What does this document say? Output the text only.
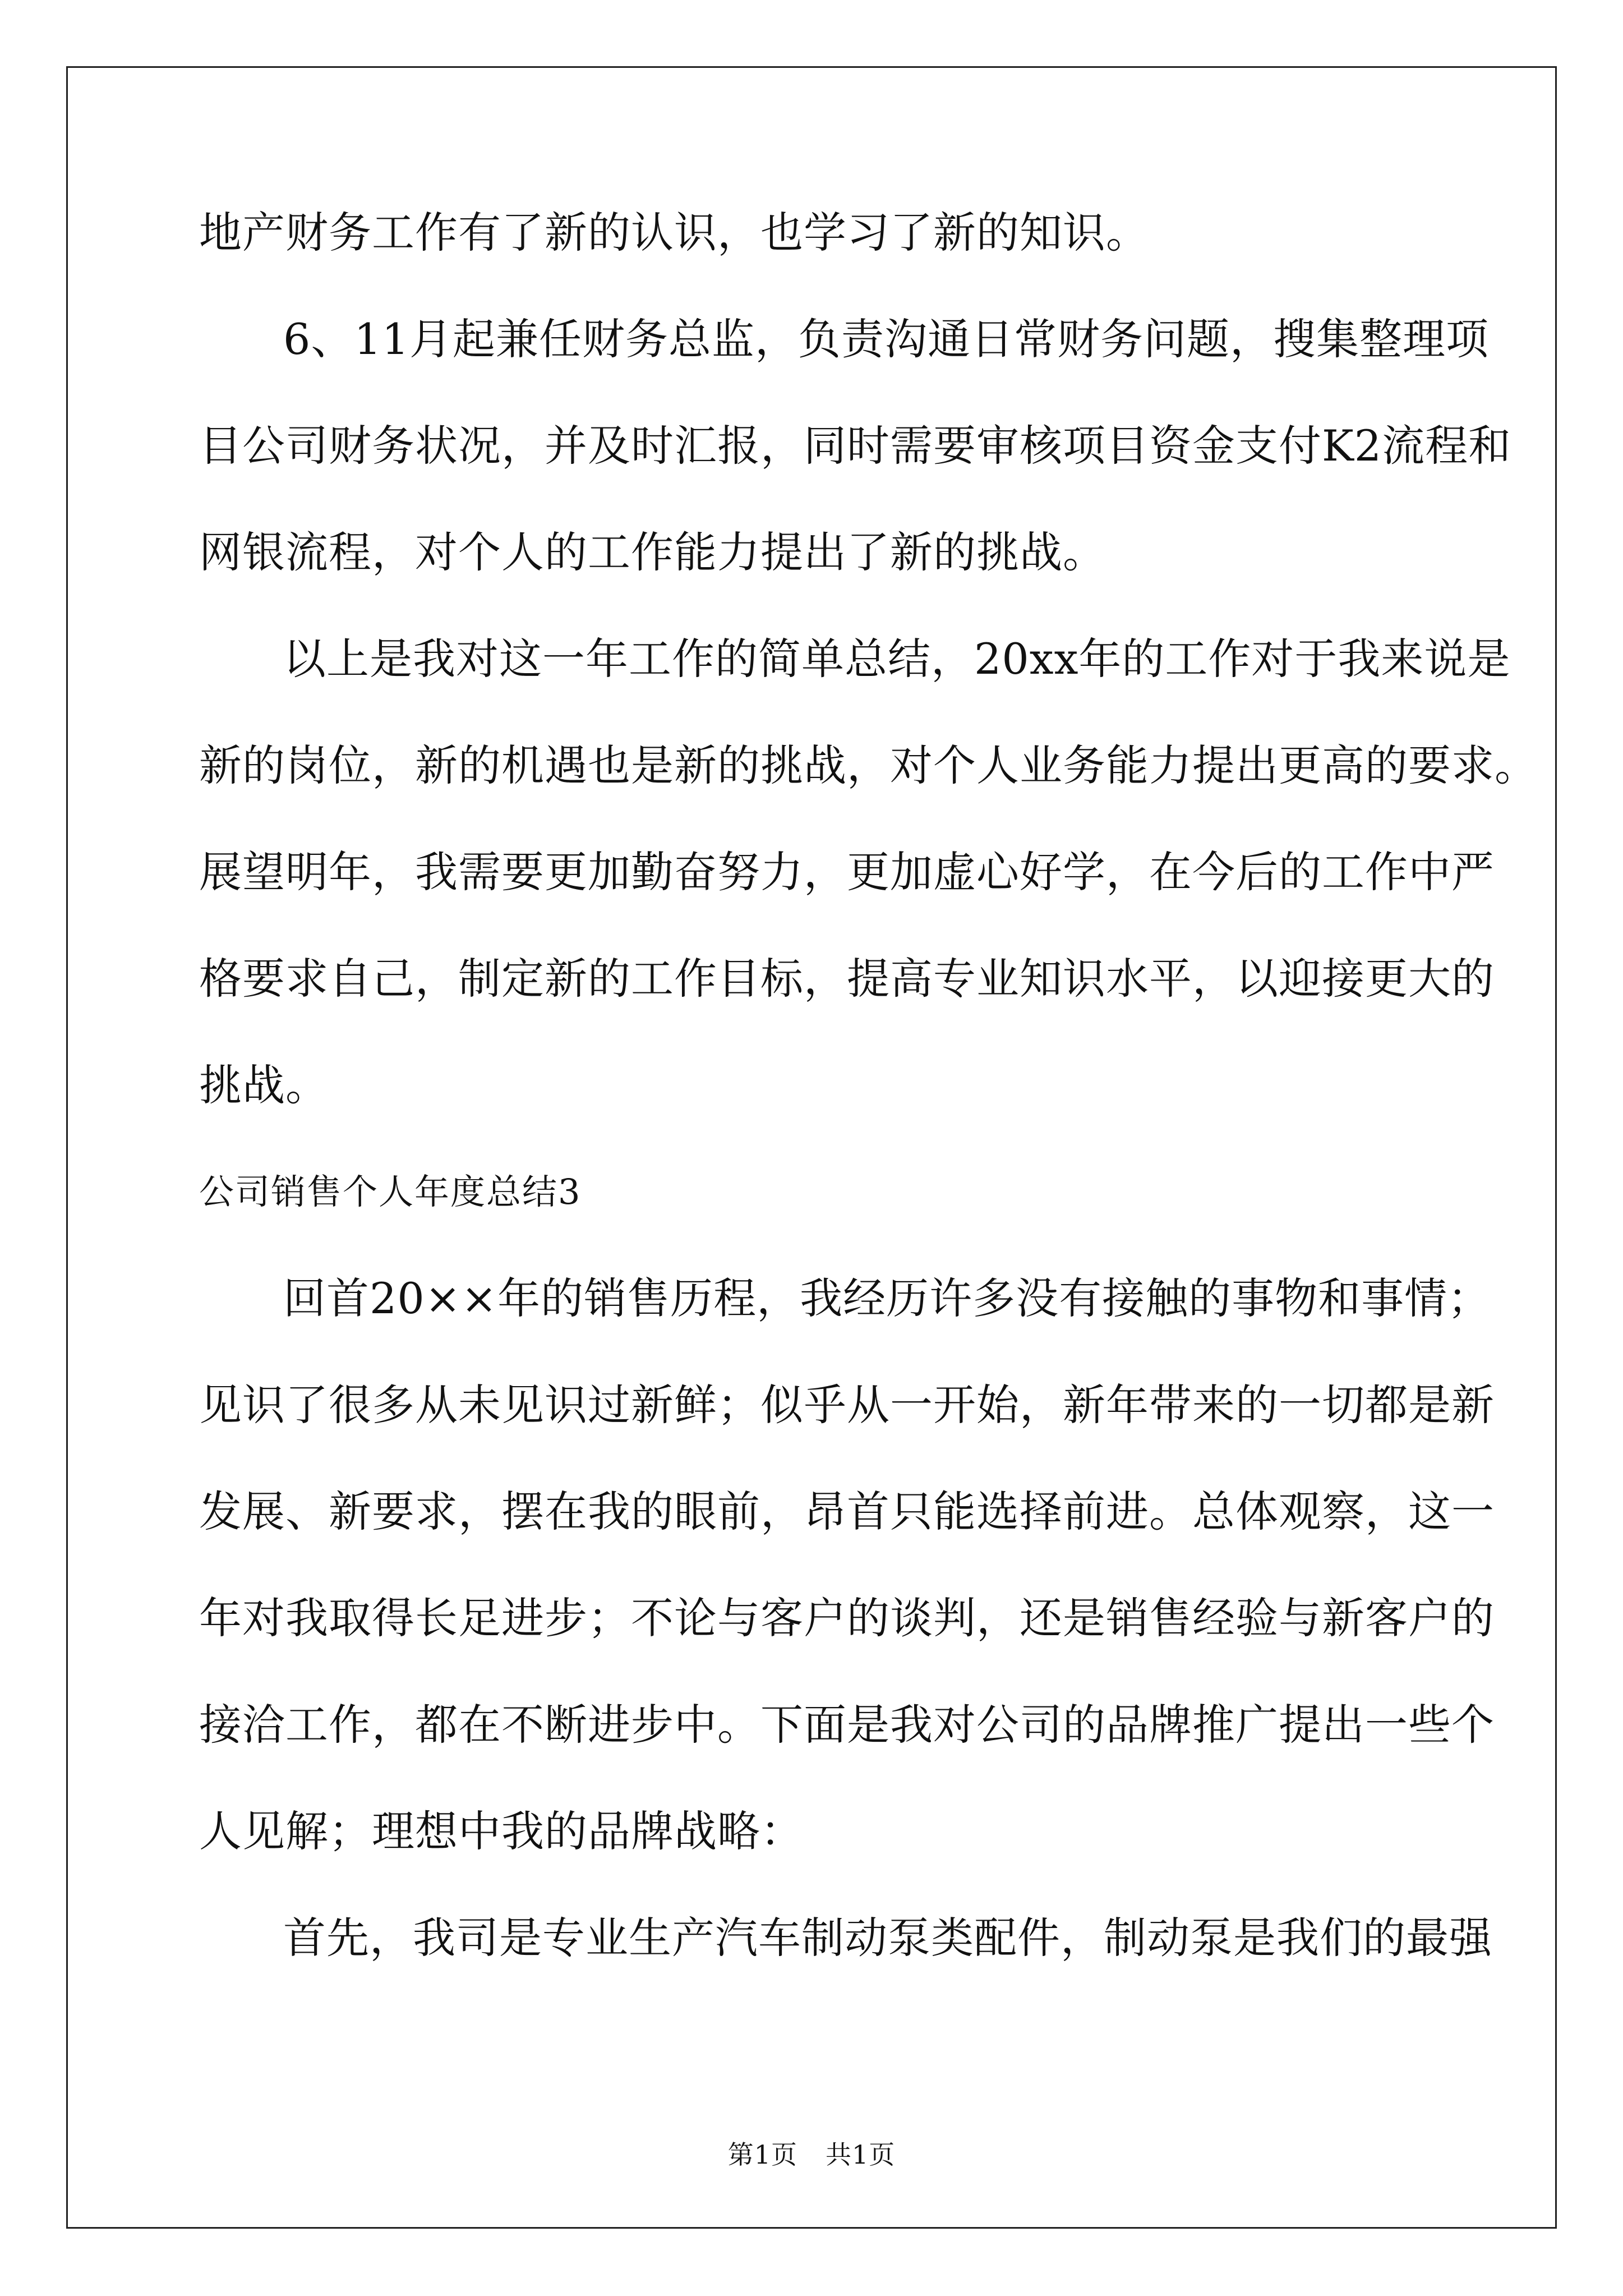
地产财务工作有了新的认识，也学习了新的知识。
6、11月起兼任财务总监，负责沟通日常财务问题，搜集整理项
目公司财务状况，并及时汇报，同时需要审核项目资金支付K2流程和
网银流程，对个人的工作能力提出了新的挑战。
以上是我对这一年工作的简单总结，20xx年的工作对于我来说是
新的岗位，新的机遇也是新的挑战，对个人业务能力提出更高的要求。
展望明年，我需要更加勤奋努力，更加虚心好学，在今后的工作中严
格要求自己，制定新的工作目标，提高专业知识水平，以迎接更大的
挑战。
公司销售个人年度总结3
回首20××年的销售历程，我经历许多没有接触的事物和事情；
见识了很多从未见识过新鲜；似乎从一开始，新年带来的一切都是新
发展、新要求，摆在我的眼前，昂首只能选择前进。总体观察，这一
年对我取得长足进步；不论与客户的谈判，还是销售经验与新客户的
接洽工作，都在不断进步中。下面是我对公司的品牌推广提出一些个
人见解；理想中我的品牌战略：
首先，我司是专业生产汽车制动泵类配件，制动泵是我们的最强
第1页 共1页
